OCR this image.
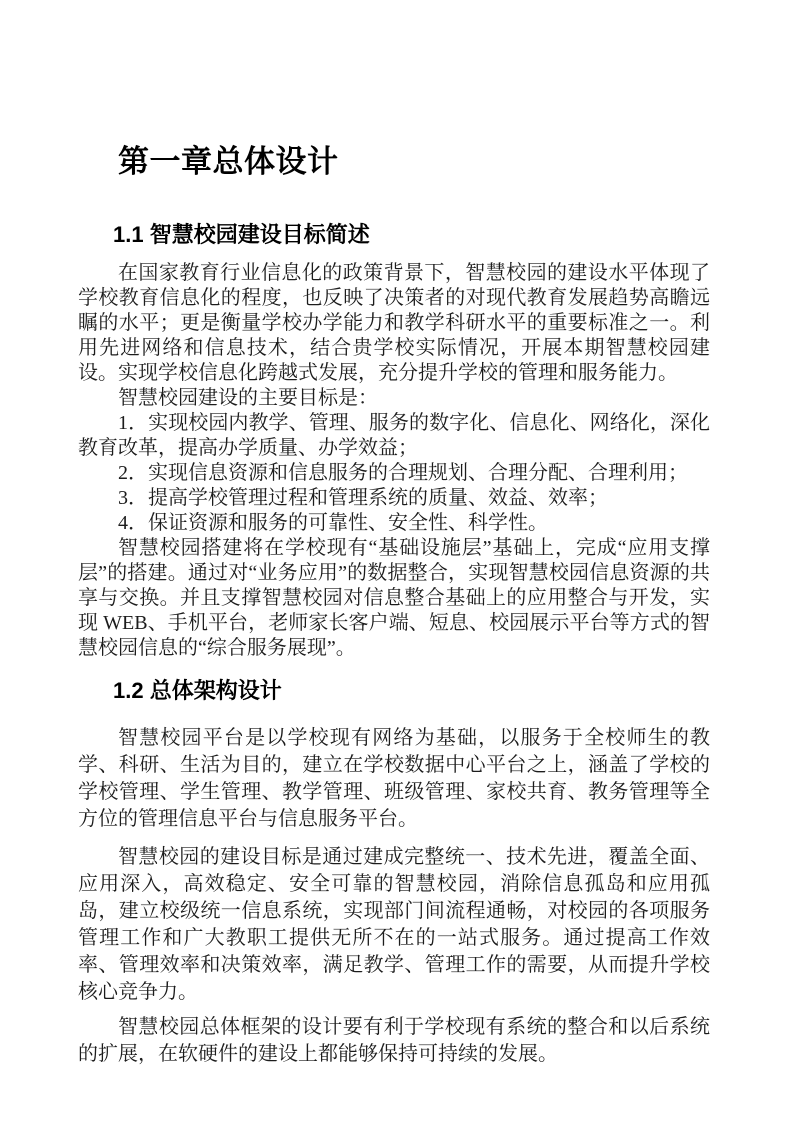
第一章总体设计
1.1 智慧校园建设目标简述

在国家教育行业信息化的政策背景下，智慧校园的建设水平体现了学校教育信息化的程度，也反映了决策者的对现代教育发展趋势高瞻远瞩的水平；更是衡量学校办学能力和教学科研水平的重要标准之一。利用先进网络和信息技术，结合贵学校实际情况，开展本期智慧校园建设。实现学校信息化跨越式发展，充分提升学校的管理和服务能力。

智慧校园建设的主要目标是：

1．实现校园内教学、管理、服务的数字化、信息化、网络化，深化教育改革，提高办学质量、办学效益；

2．实现信息资源和信息服务的合理规划、合理分配、合理利用；

3．提高学校管理过程和管理系统的质量、效益、效率；

4．保证资源和服务的可靠性、安全性、科学性。

智慧校园搭建将在学校现有“基础设施层”基础上，完成“应用支撑层”的搭建。通过对“业务应用”的数据整合，实现智慧校园信息资源的共享与交换。并且支撑智慧校园对信息整合基础上的应用整合与开发，实现 WEB、手机平台，老师家长客户端、短息、校园展示平台等方式的智慧校园信息的“综合服务展现”。

1.2 总体架构设计

智慧校园平台是以学校现有网络为基础，以服务于全校师生的教学、科研、生活为目的，建立在学校数据中心平台之上，涵盖了学校的学校管理、学生管理、教学管理、班级管理、家校共育、教务管理等全方位的管理信息平台与信息服务平台。

智慧校园的建设目标是通过建成完整统一、技术先进，覆盖全面、应用深入，高效稳定、安全可靠的智慧校园，消除信息孤岛和应用孤岛，建立校级统一信息系统，实现部门间流程通畅，对校园的各项服务管理工作和广大教职工提供无所不在的一站式服务。通过提高工作效率、管理效率和决策效率，满足教学、管理工作的需要，从而提升学校核心竞争力。

智慧校园总体框架的设计要有利于学校现有系统的整合和以后系统的扩展，在软硬件的建设上都能够保持可持续的发展。
